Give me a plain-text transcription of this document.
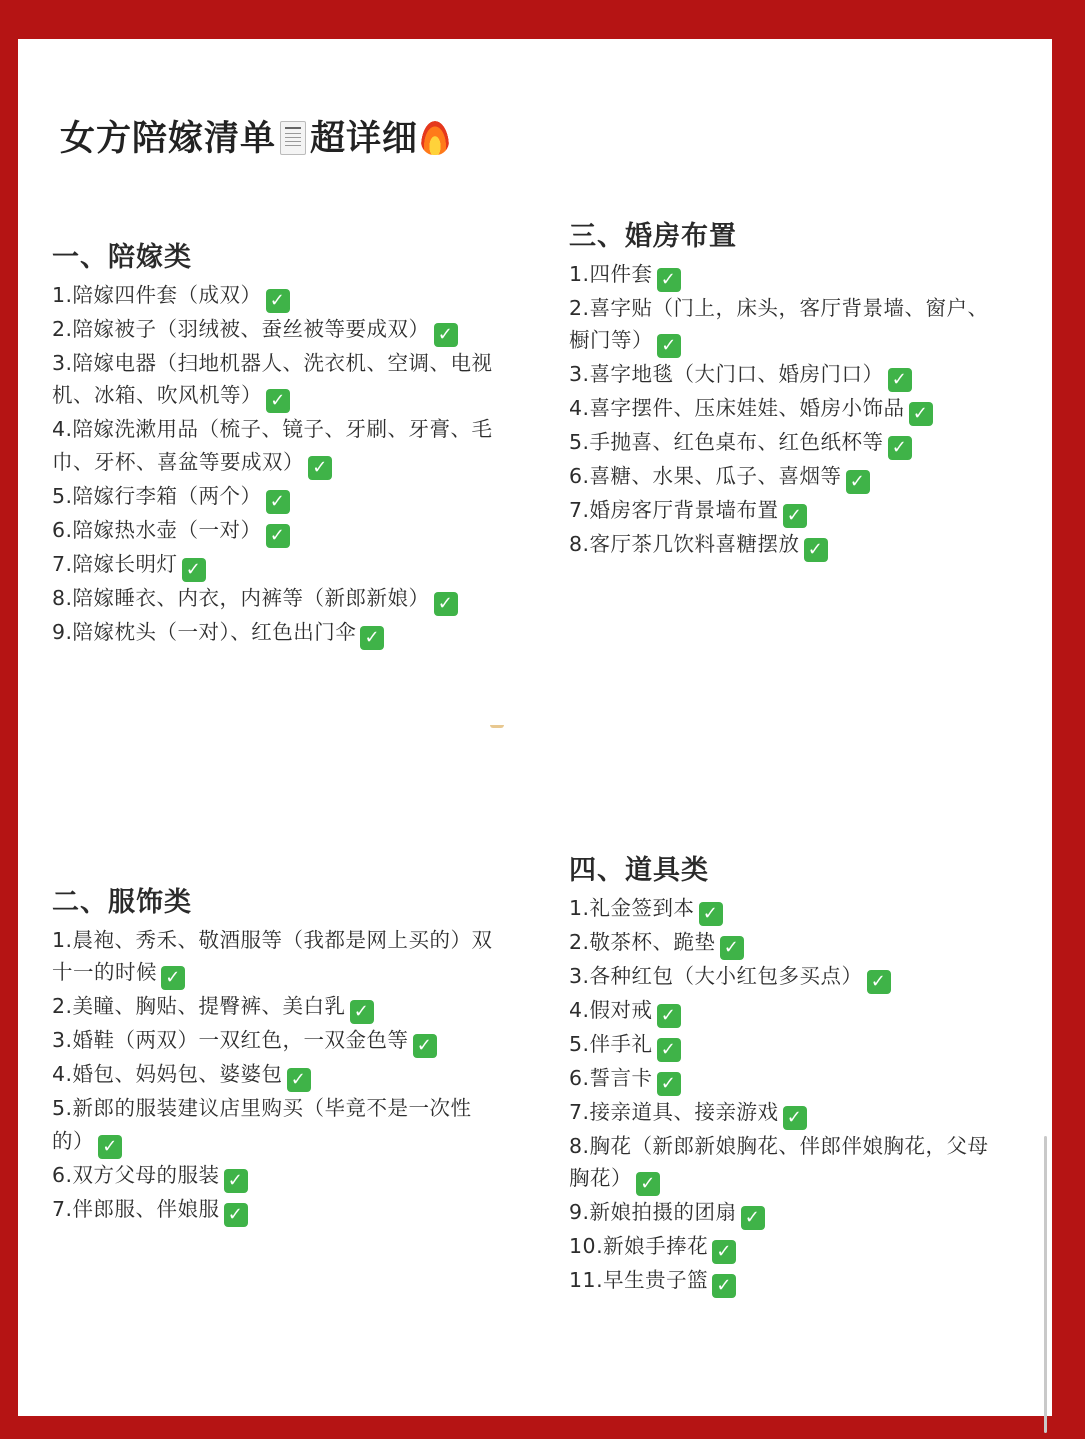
女方陪嫁清单 超详细
一、陪嫁类
1.陪嫁四件套（成双） ✓
2.陪嫁被子（羽绒被、蚕丝被等要成双） ✓
3.陪嫁电器（扫地机器人、洗衣机、空调、电视机、冰箱、吹风机等） ✓
4.陪嫁洗漱用品（梳子、镜子、牙刷、牙膏、毛巾、牙杯、喜盆等要成双） ✓
5.陪嫁行李箱（两个） ✓
6.陪嫁热水壶（一对） ✓
7.陪嫁长明灯 ✓
8.陪嫁睡衣、内衣，内裤等（新郎新娘） ✓
9.陪嫁枕头（一对）、红色出门伞 ✓
三、婚房布置
1.四件套 ✓
2.喜字贴（门上，床头，客厅背景墙、窗户、橱门等） ✓
3.喜字地毯（大门口、婚房门口） ✓
4.喜字摆件、压床娃娃、婚房小饰品 ✓
5.手抛喜、红色桌布、红色纸杯等 ✓
6.喜糖、水果、瓜子、喜烟等 ✓
7.婚房客厅背景墙布置 ✓
8.客厅茶几饮料喜糖摆放 ✓
二、服饰类
1.晨袍、秀禾、敬酒服等（我都是网上买的）双十一的时候 ✓
2.美瞳、胸贴、提臀裤、美白乳 ✓
3.婚鞋（两双）一双红色，一双金色等 ✓
4.婚包、妈妈包、婆婆包 ✓
5.新郎的服装建议店里购买（毕竟不是一次性的） ✓
6.双方父母的服装 ✓
7.伴郎服、伴娘服 ✓
四、道具类
1.礼金签到本 ✓
2.敬茶杯、跪垫 ✓
3.各种红包（大小红包多买点） ✓
4.假对戒 ✓
5.伴手礼 ✓
6.誓言卡 ✓
7.接亲道具、接亲游戏 ✓
8.胸花（新郎新娘胸花、伴郎伴娘胸花，父母胸花） ✓
9.新娘拍摄的团扇 ✓
10.新娘手捧花 ✓
11.早生贵子篮 ✓
